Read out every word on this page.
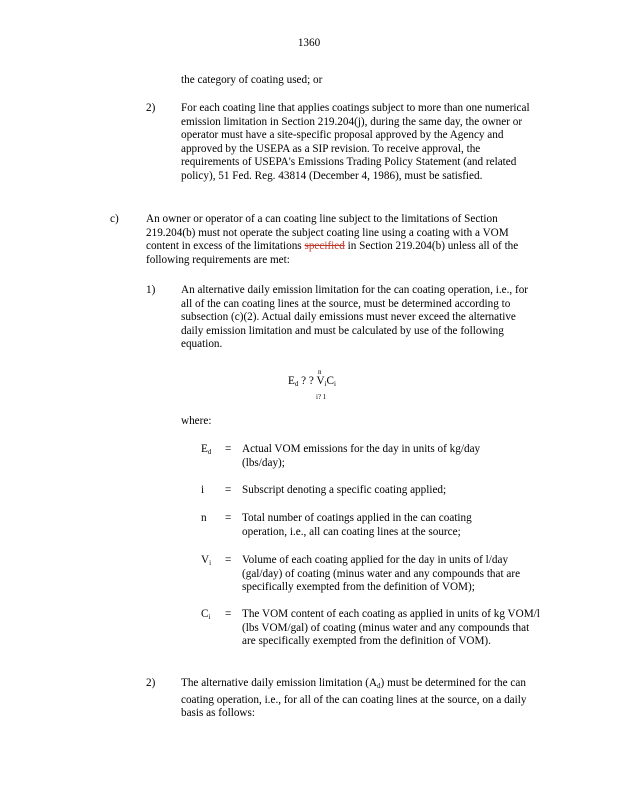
1360
the category of coating used; or
2) For each coating line that applies coatings subject to more than one numerical emission limitation in Section 219.204(j), during the same day, the owner or operator must have a site-specific proposal approved by the Agency and approved by the USEPA as a SIP revision. To receive approval, the requirements of USEPA's Emissions Trading Policy Statement (and related policy), 51 Fed. Reg. 43814 (December 4, 1986), must be satisfied.
c) An owner or operator of a can coating line subject to the limitations of Section 219.204(b) must not operate the subject coating line using a coating with a VOM content in excess of the limitations specified in Section 219.204(b) unless all of the following requirements are met:
1) An alternative daily emission limitation for the can coating operation, i.e., for all of the can coating lines at the source, must be determined according to subsection (c)(2). Actual daily emissions must never exceed the alternative daily emission limitation and must be calculated by use of the following equation.
n
$E_d$ ? ? $V_iC_i$
i? 1
where:
$E_d$ = Actual VOM emissions for the day in units of kg/day (lbs/day);
i = Subscript denoting a specific coating applied;
n = Total number of coatings applied in the can coating operation, i.e., all can coating lines at the source;
$V_i$ = Volume of each coating applied for the day in units of l/day (gal/day) of coating (minus water and any compounds that are specifically exempted from the definition of VOM);
$C_i$ = The VOM content of each coating as applied in units of kg VOM/l (lbs VOM/gal) of coating (minus water and any compounds that are specifically exempted from the definition of VOM).
2) The alternative daily emission limitation $(A_d)$ must be determined for the can coating operation, i.e., for all of the can coating lines at the source, on a daily basis as follows:
